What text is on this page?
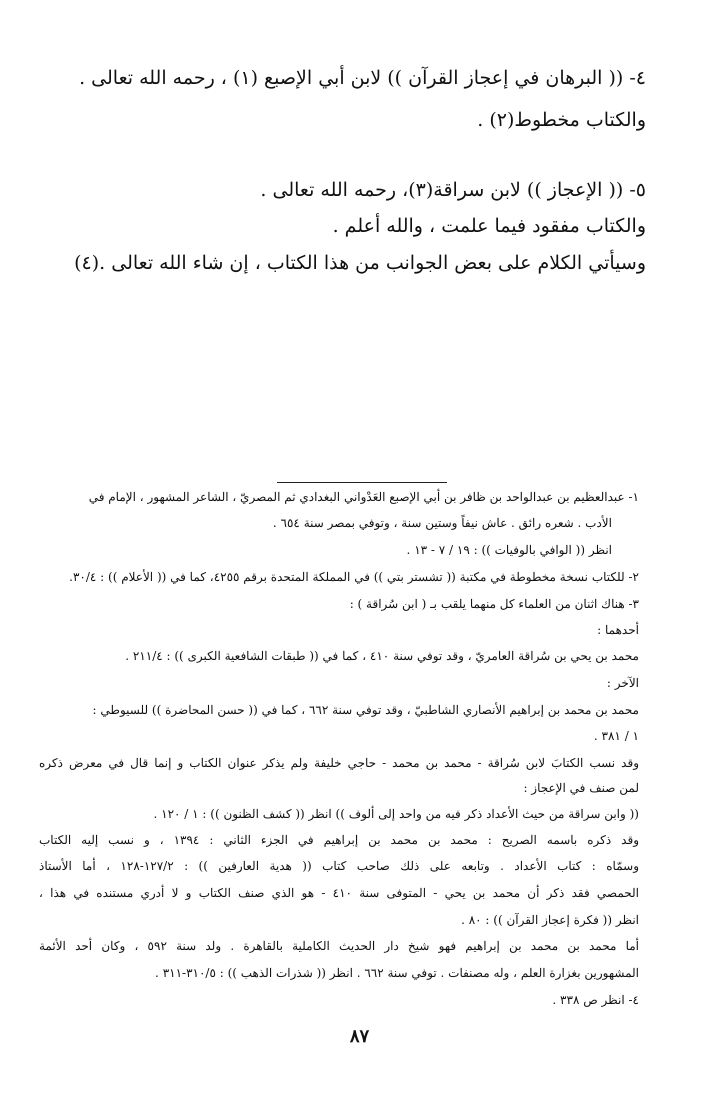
٤- (( البرهان في إعجاز القرآن )) لابن أبي الإصبع (١) ، رحمه الله تعالى .
والكتاب مخطوط(٢) .
٥- (( الإعجاز )) لابن سراقة(٣)، رحمه الله تعالى .
والكتاب مفقود فيما علمت ، والله أعلم .
وسيأتي الكلام على بعض الجوانب من هذا الكتاب ، إن شاء الله تعالى .(٤)
١- عبدالعظيم بن عبدالواحد بن ظافر بن أبي الإصبع العَدْواني البغدادي ثم المصريّ ، الشاعر المشهور ، الإمام في
الأدب . شعره رائق . عاش نيفاً وستين سنة ، وتوفي بمصر سنة ٦٥٤ .
انظر (( الوافي بالوفيات )) : ١٩ / ٧ - ١٣ .
٢- للكتاب نسخة مخطوطة في مكتبة (( تشستر بتي )) في المملكة المتحدة برقم ٤٢٥٥، كما في (( الأعلام )) : ٣٠/٤.
٣- هناك اثنان من العلماء كل منهما يلقب بـ ( ابن سُراقة ) :
أحدهما :
محمد بن يحي بن سُراقة العامريّ ، وقد توفي سنة ٤١٠ ، كما في (( طبقات الشافعية الكبرى )) : ٢١١/٤ .
الآخر :
محمد بن محمد بن إبراهيم الأنصاري الشاطبيّ ، وقد توفي سنة ٦٦٢ ، كما في (( حسن المحاضرة )) للسيوطي :
١ / ٣٨١ .
وقد نسب الكتابَ لابن سُراقة - محمد بن محمد - حاجي خليفة ولم يذكر عنوان الكتاب و إنما قال في معرض ذكره
لمن صنف في الإعجاز :
(( وابن سراقة من حيث الأعداد ذكر فيه من واحد إلى ألوف )) انظر (( كشف الظنون )) : ١ / ١٢٠ .
وقد ذكره باسمه الصريح : محمد بن محمد بن إبراهيم في الجزء الثاني : ١٣٩٤ ، و نسب إليه الكتاب
وسمّاه : كتاب الأعداد . وتابعه على ذلك صاحب كتاب (( هدية العارفين )) : ١٢٧/٢-١٢٨ ، أما الأستاذ
الحمصي فقد ذكر أن محمد بن يحي - المتوفى سنة ٤١٠ - هو الذي صنف الكتاب و لا أدري مستنده في هذا ،
انظر (( فكرة إعجاز القرآن )) : ٨٠ .
أما محمد بن محمد بن إبراهيم فهو شيخ دار الحديث الكاملية بالقاهرة . ولد سنة ٥٩٢ ، وكان أحد الأئمة
المشهورين بغزارة العلم ، وله مصنفات . توفي سنة ٦٦٢ . انظر (( شذرات الذهب )) : ٣١٠/٥-٣١١ .
٤- انظر ص ٣٣٨ .
٨٧
